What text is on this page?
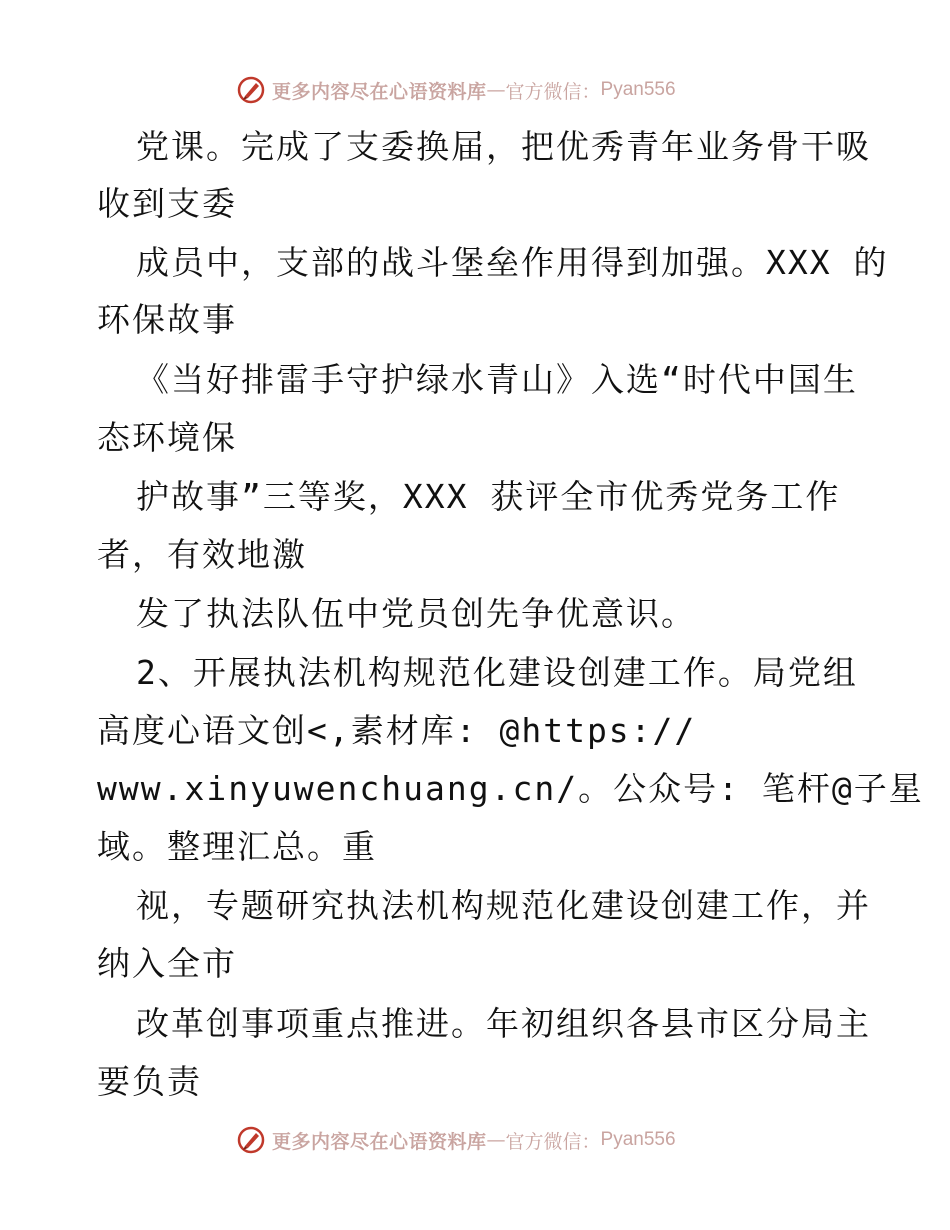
更多内容尽在心语资料库 — 官方微信： Pyan556
党课。完成了支委换届，把优秀青年业务骨干吸
收到支委
成员中，支部的战斗堡垒作用得到加强。XXX 的
环保故事
《当好排雷手守护绿水青山》入选“时代中国生
态环境保
护故事”三等奖，XXX 获评全市优秀党务工作
者，有效地激
发了执法队伍中党员创先争优意识。
2、开展执法机构规范化建设创建工作。局党组
高度心语文创<,素材库: @https://
www.xinyuwenchuang.cn/。公众号: 笔杆@子星
域。整理汇总。重
视，专题研究执法机构规范化建设创建工作，并
纳入全市
改革创事项重点推进。年初组织各县市区分局主
要负责
更多内容尽在心语资料库 — 官方微信： Pyan556
